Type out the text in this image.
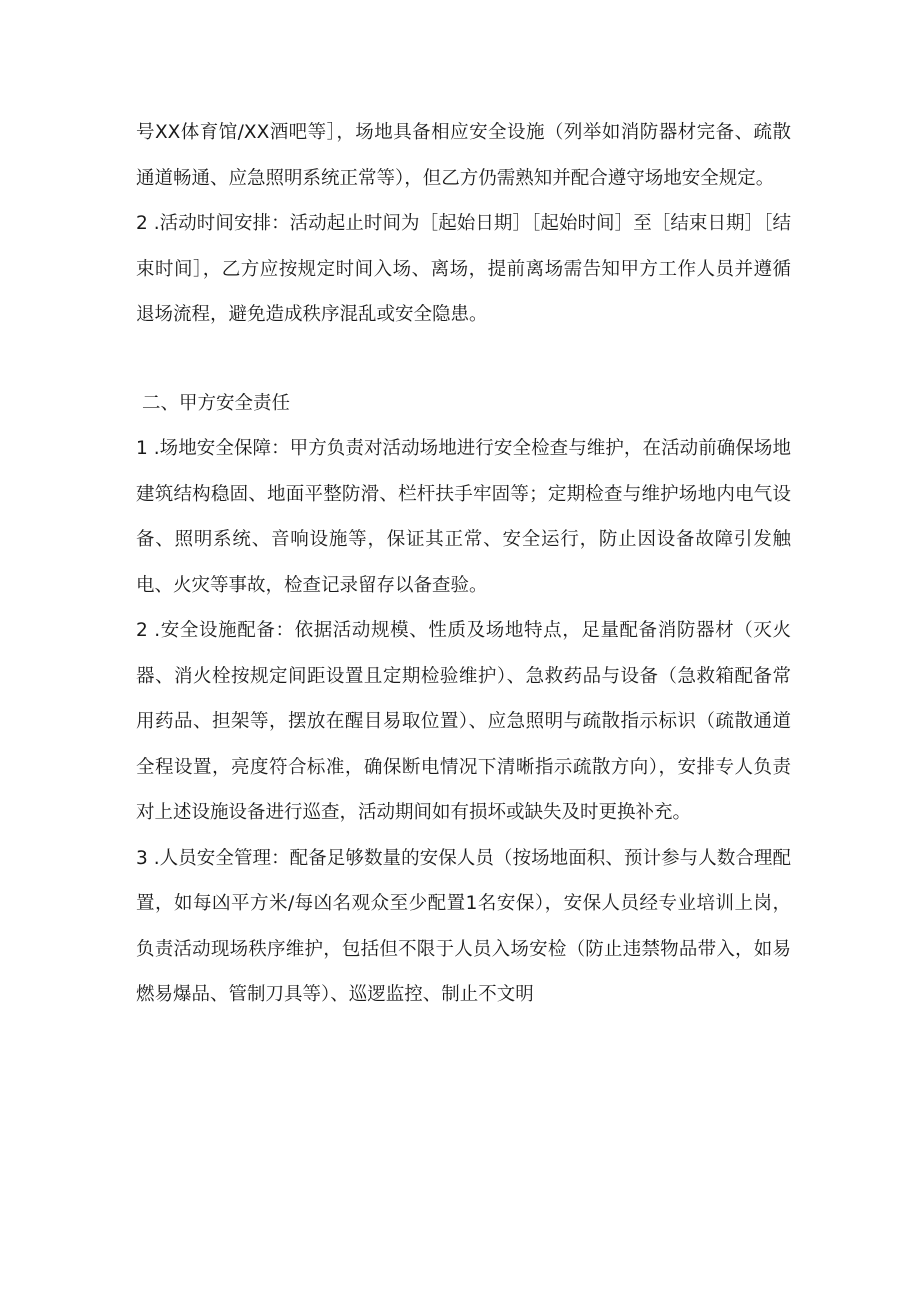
号XX体育馆/XX酒吧等］，场地具备相应安全设施（列举如消防器材完备、疏散通道畅通、应急照明系统正常等），但乙方仍需熟知并配合遵守场地安全规定。

2 .活动时间安排：活动起止时间为［起始日期］［起始时间］至［结束日期］［结束时间］，乙方应按规定时间入场、离场，提前离场需告知甲方工作人员并遵循退场流程，避免造成秩序混乱或安全隐患。

二、甲方安全责任

1 .场地安全保障：甲方负责对活动场地进行安全检查与维护，在活动前确保场地建筑结构稳固、地面平整防滑、栏杆扶手牢固等；定期检查与维护场地内电气设备、照明系统、音响设施等，保证其正常、安全运行，防止因设备故障引发触电、火灾等事故，检查记录留存以备查验。

2 .安全设施配备：依据活动规模、性质及场地特点，足量配备消防器材（灭火器、消火栓按规定间距设置且定期检验维护）、急救药品与设备（急救箱配备常用药品、担架等，摆放在醒目易取位置）、应急照明与疏散指示标识（疏散通道全程设置，亮度符合标准，确保断电情况下清晰指示疏散方向），安排专人负责对上述设施设备进行巡查，活动期间如有损坏或缺失及时更换补充。

3 .人员安全管理：配备足够数量的安保人员（按场地面积、预计参与人数合理配置，如每凶平方米/每凶名观众至少配置1名安保），安保人员经专业培训上岗，负责活动现场秩序维护，包括但不限于人员入场安检（防止违禁物品带入，如易燃易爆品、管制刀具等）、巡逻监控、制止不文明
